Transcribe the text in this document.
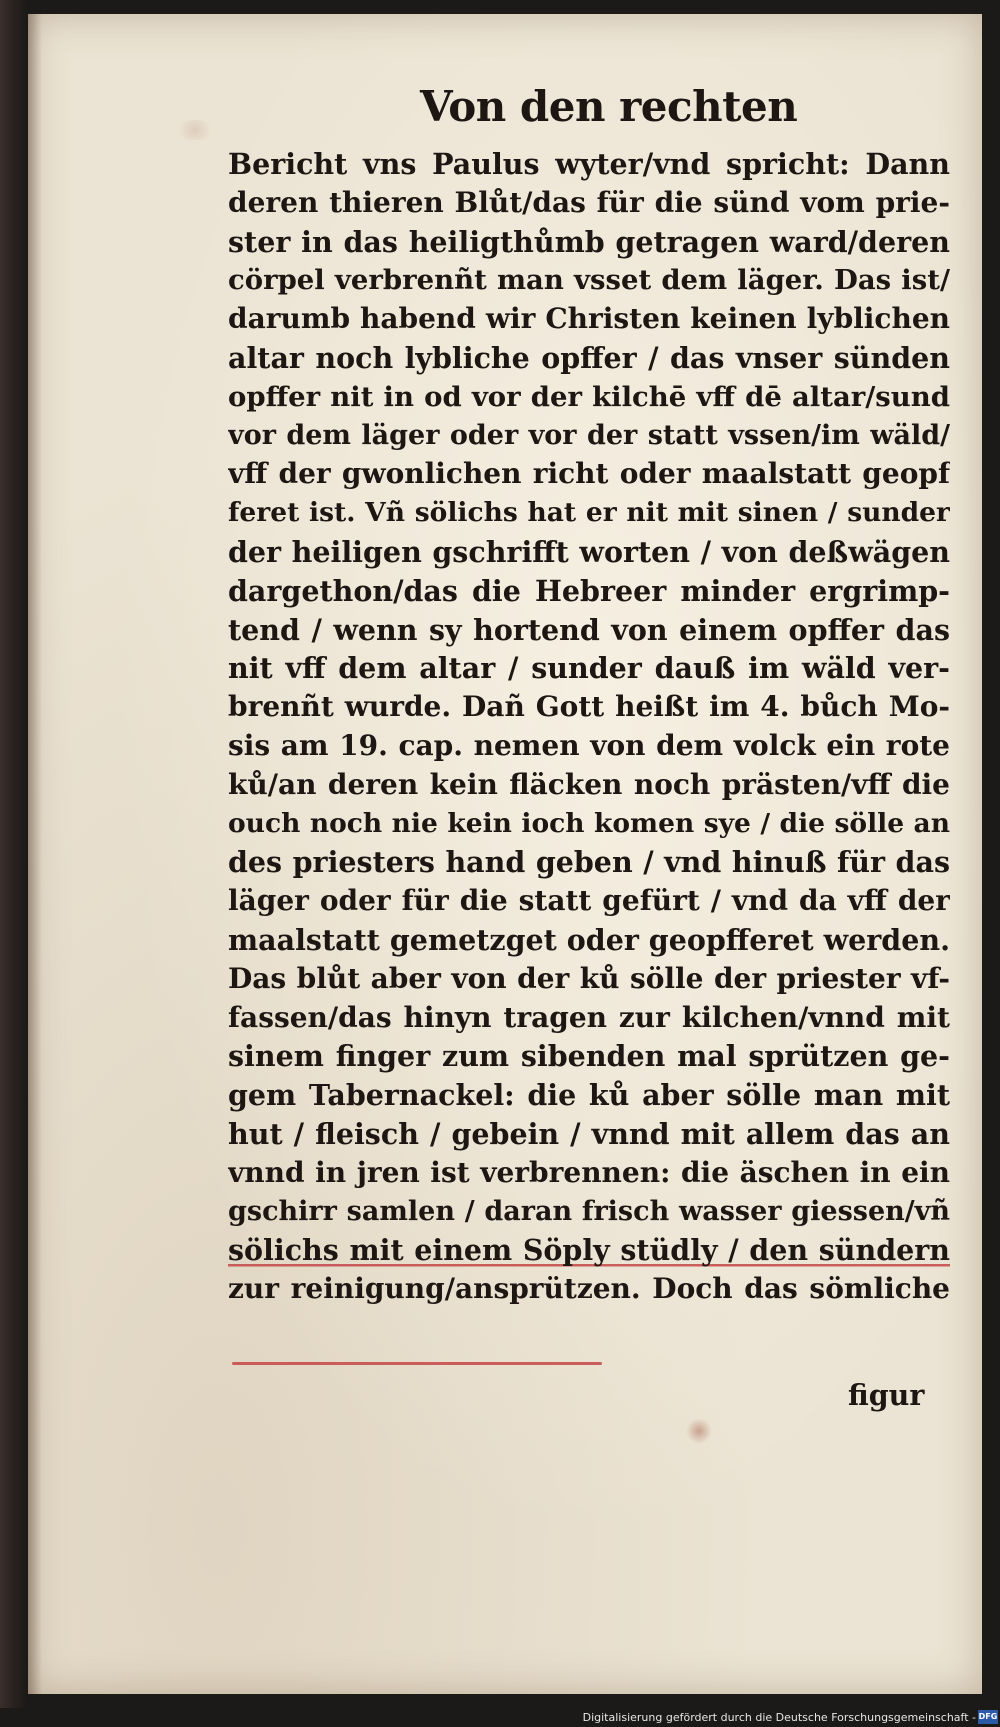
Von den rechten
Bericht vns Paulus wyter/vnd spricht: Dann
deren thieren Blůt/das für die sünd vom prie-
ster in das heiligthůmb getragen ward/deren
cörpel verbrenñt man vsset dem läger. Das ist/
darumb habend wir Christen keinen lyblichen
altar noch lybliche opffer / das vnser sünden
opffer nit in od vor der kilchē vff dē altar/sund
vor dem läger oder vor der statt vssen/im wäld/
vff der gwonlichen richt oder maalstatt geopf
feret ist. Vñ sölichs hat er nit mit sinen / sunder
der heiligen gschrifft worten / von deßwägen
dargethon/das die Hebreer minder ergrimp-
tend / wenn sy hortend von einem opffer das
nit vff dem altar / sunder dauß im wäld ver-
brenñt wurde. Dañ Gott heißt im 4. bůch Mo-
sis am 19. cap. nemen von dem volck ein rote
ků/an deren kein fläcken noch prästen/vff die
ouch noch nie kein ioch komen sye / die sölle an
des priesters hand geben / vnd hinuß für das
läger oder für die statt gefürt / vnd da vff der
maalstatt gemetzget oder geopfferet werden.
Das blůt aber von der ků sölle der priester vf-
fassen/das hinyn tragen zur kilchen/vnnd mit
sinem finger zum sibenden mal sprützen ge-
gem Tabernackel: die ků aber sölle man mit
hut / fleisch / gebein / vnnd mit allem das an
vnnd in jren ist verbrennen: die äschen in ein
gschirr samlen / daran frisch wasser giessen/vñ
sölichs mit einem Söply stüdly / den sündern
zur reinigung/ansprützen. Doch das sömliche
figur
Digitalisierung gefördert durch die Deutsche Forschungsgemeinschaft - DFG
